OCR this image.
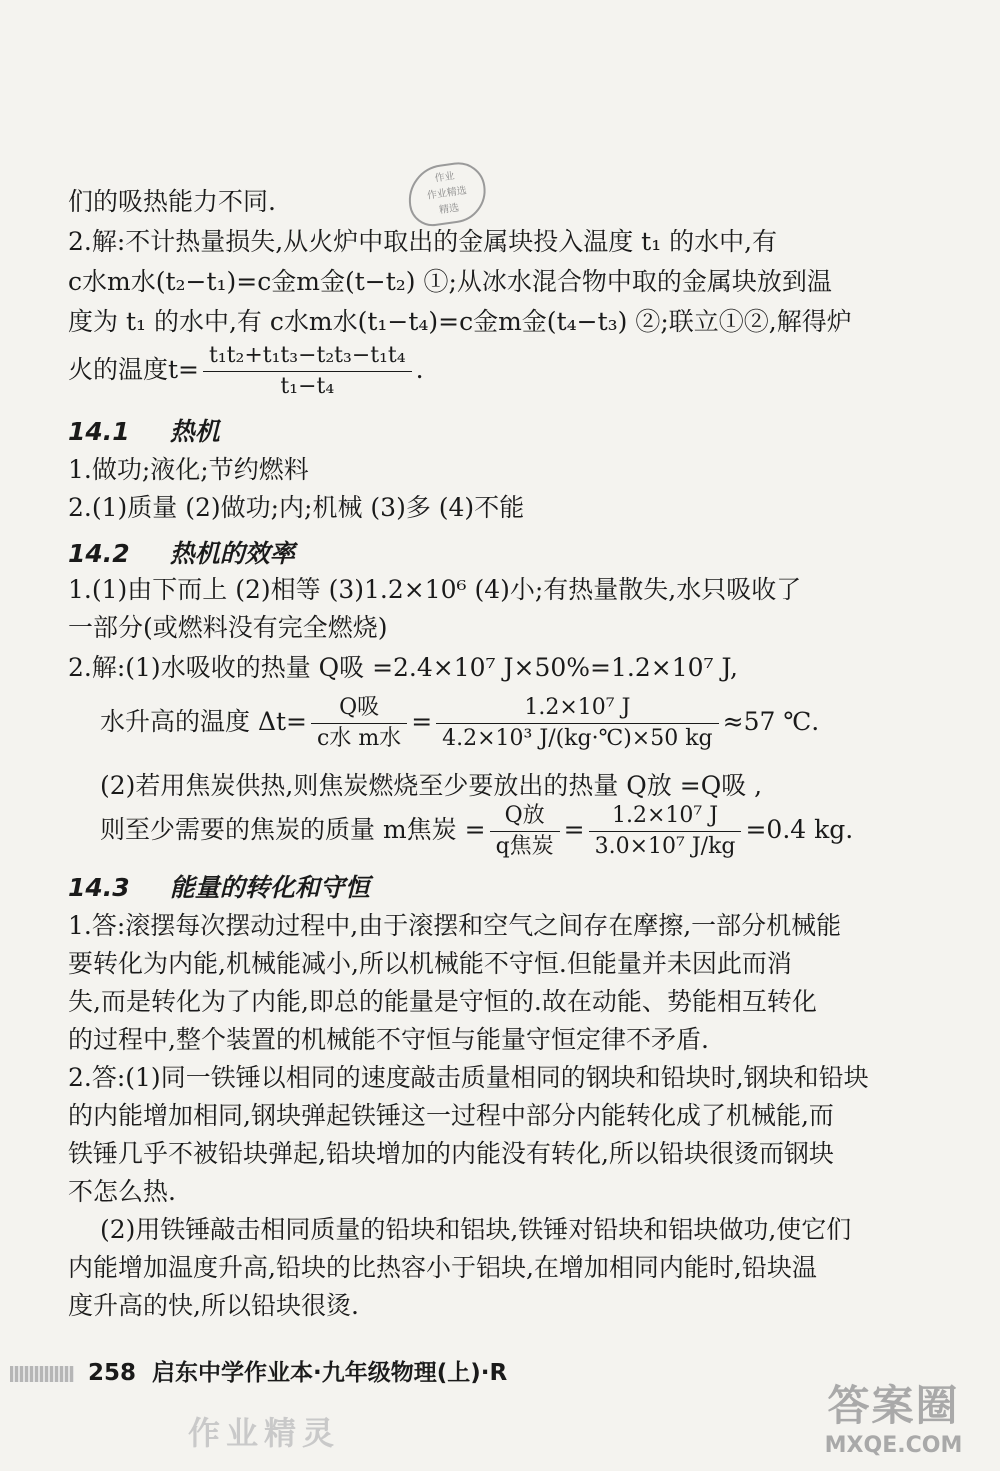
作业
作业精选
精选
们的吸热能力不同.
2.解:不计热量损失,从火炉中取出的金属块投入温度 t₁ 的水中,有
c水m水(t₂−t₁)=c金m金(t−t₂) ①;从冰水混合物中取的金属块放到温
度为 t₁ 的水中,有 c水m水(t₁−t₄)=c金m金(t₄−t₃) ②;联立①②,解得炉
火的温度$t= \frac{\text{t₁t₂+t₁t₃−t₂t₃−t₁t₄}}{\text{t₁−t₄}}$ .
14.1 热机
1.做功;液化;节约燃料
2.(1)质量 (2)做功;内;机械 (3)多 (4)不能
14.2 热机的效率
1.(1)由下而上 (2)相等 (3)1.2×10⁶ (4)小;有热量散失,水只吸收了
一部分(或燃料没有完全燃烧)
2.解:(1)水吸收的热量 Q吸 =2.4×10⁷ J×50%=1.2×10⁷ J,
水升高的温度 $\Delta t= \frac{\text{Q吸}}{\text{c水 m水}} = \frac{\text{1.2×10⁷ J}}{\text{4.2×10³ J/(kg·℃)×50 kg}} \approx 57$ ℃.
(2)若用焦炭供热,则焦炭燃烧至少要放出的热量 Q放 =Q吸 ,
则至少需要的焦炭的质量 m焦炭 = $\frac{\text{Q放}}{\text{q焦炭}} = \frac{\text{1.2×10⁷ J}}{\text{3.0×10⁷ J/kg}} =0.4$ kg.
14.3 能量的转化和守恒
1.答:滚摆每次摆动过程中,由于滚摆和空气之间存在摩擦,一部分机械能
要转化为内能,机械能减小,所以机械能不守恒.但能量并未因此而消
失,而是转化为了内能,即总的能量是守恒的.故在动能、势能相互转化
的过程中,整个装置的机械能不守恒与能量守恒定律不矛盾.
2.答:(1)同一铁锤以相同的速度敲击质量相同的钢块和铅块时,钢块和铅块
的内能增加相同,钢块弹起铁锤这一过程中部分内能转化成了机械能,而
铁锤几乎不被铅块弹起,铅块增加的内能没有转化,所以铅块很烫而钢块
不怎么热.
(2)用铁锤敲击相同质量的铅块和铝块,铁锤对铅块和铝块做功,使它们
内能增加温度升高,铅块的比热容小于铝块,在增加相同内能时,铅块温
度升高的快,所以铅块很烫.
258 启东中学作业本·九年级物理(上)·R
作业精灵
答案圈
MXQE.COM
